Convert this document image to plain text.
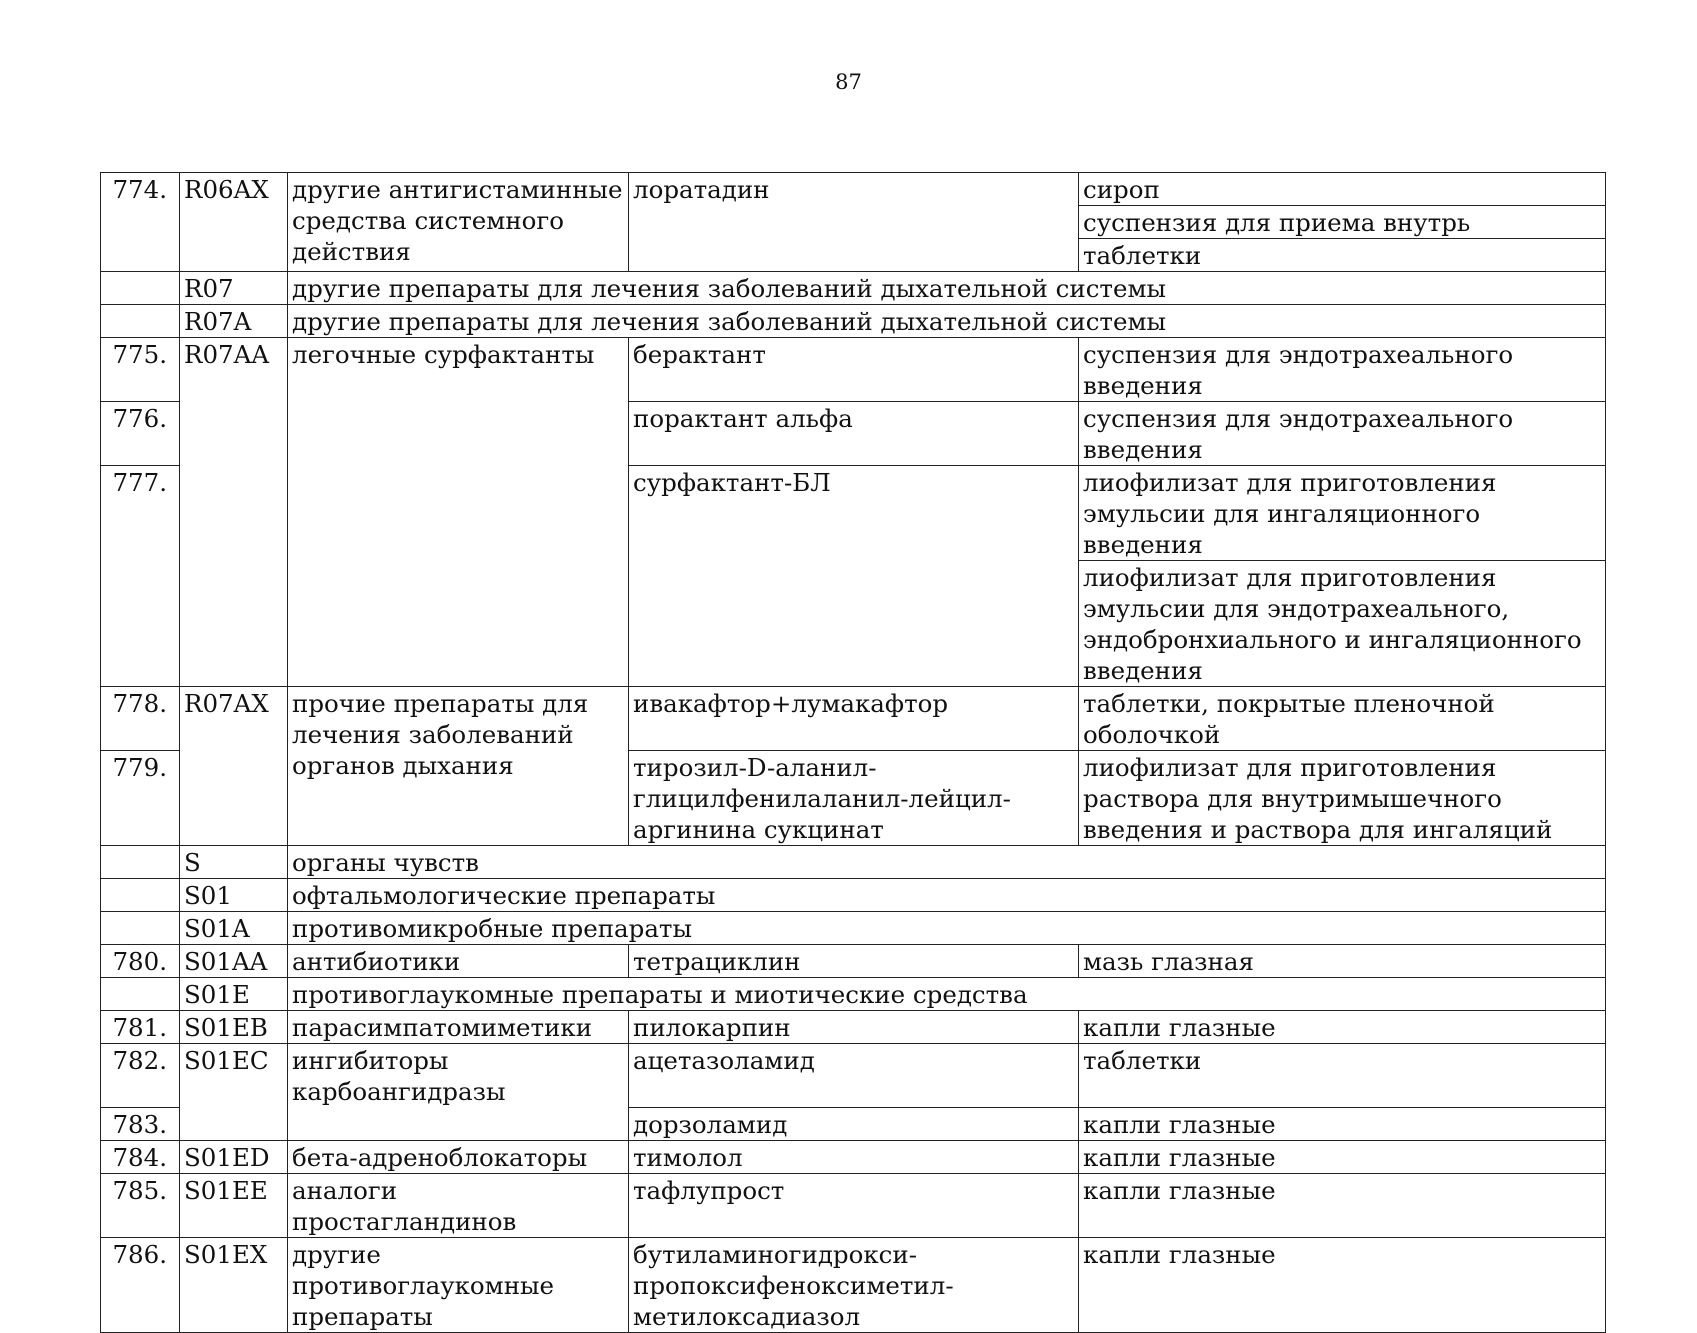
87
774.	R06AX	другие антигистаминные средства системного действия	лоратадин	сироп
				суспензия для приема внутрь
				таблетки
	R07	другие препараты для лечения заболеваний дыхательной системы		
	R07A	другие препараты для лечения заболеваний дыхательной системы		
775.	R07AA	легочные сурфактанты	берактант	суспензия для эндотрахеального введения
776.			порактант альфа	суспензия для эндотрахеального введения
777.			сурфактант-БЛ	лиофилизат для приготовления эмульсии для ингаляционного введения
				лиофилизат для приготовления эмульсии для эндотрахеального, эндобронхиального и ингаляционного введения
778.	R07AX	прочие препараты для лечения заболеваний органов дыхания	ивакафтор+лумакафтор	таблетки, покрытые пленочной оболочкой
779.			тирозил-D-аланил-глицилфенилаланил-лейцил-аргинина сукцинат	лиофилизат для приготовления раствора для внутримышечного введения и раствора для ингаляций
	S	органы чувств		
	S01	офтальмологические препараты		
	S01A	противомикробные препараты		
780.	S01AA	антибиотики	тетрациклин	мазь глазная
	S01E	противоглаукомные препараты и миотические средства		
781.	S01EB	парасимпатомиметики	пилокарпин	капли глазные
782.	S01EC	ингибиторы карбоангидразы	ацетазоламид	таблетки
783.			дорзоламид	капли глазные
784.	S01ED	бета-адреноблокаторы	тимолол	капли глазные
785.	S01EE	аналоги простагландинов	тафлупрост	капли глазные
786.	S01EX	другие противоглаукомные препараты	бутиламиногидрокси-пропоксифеноксиметил-метилоксадиазол	капли глазные
